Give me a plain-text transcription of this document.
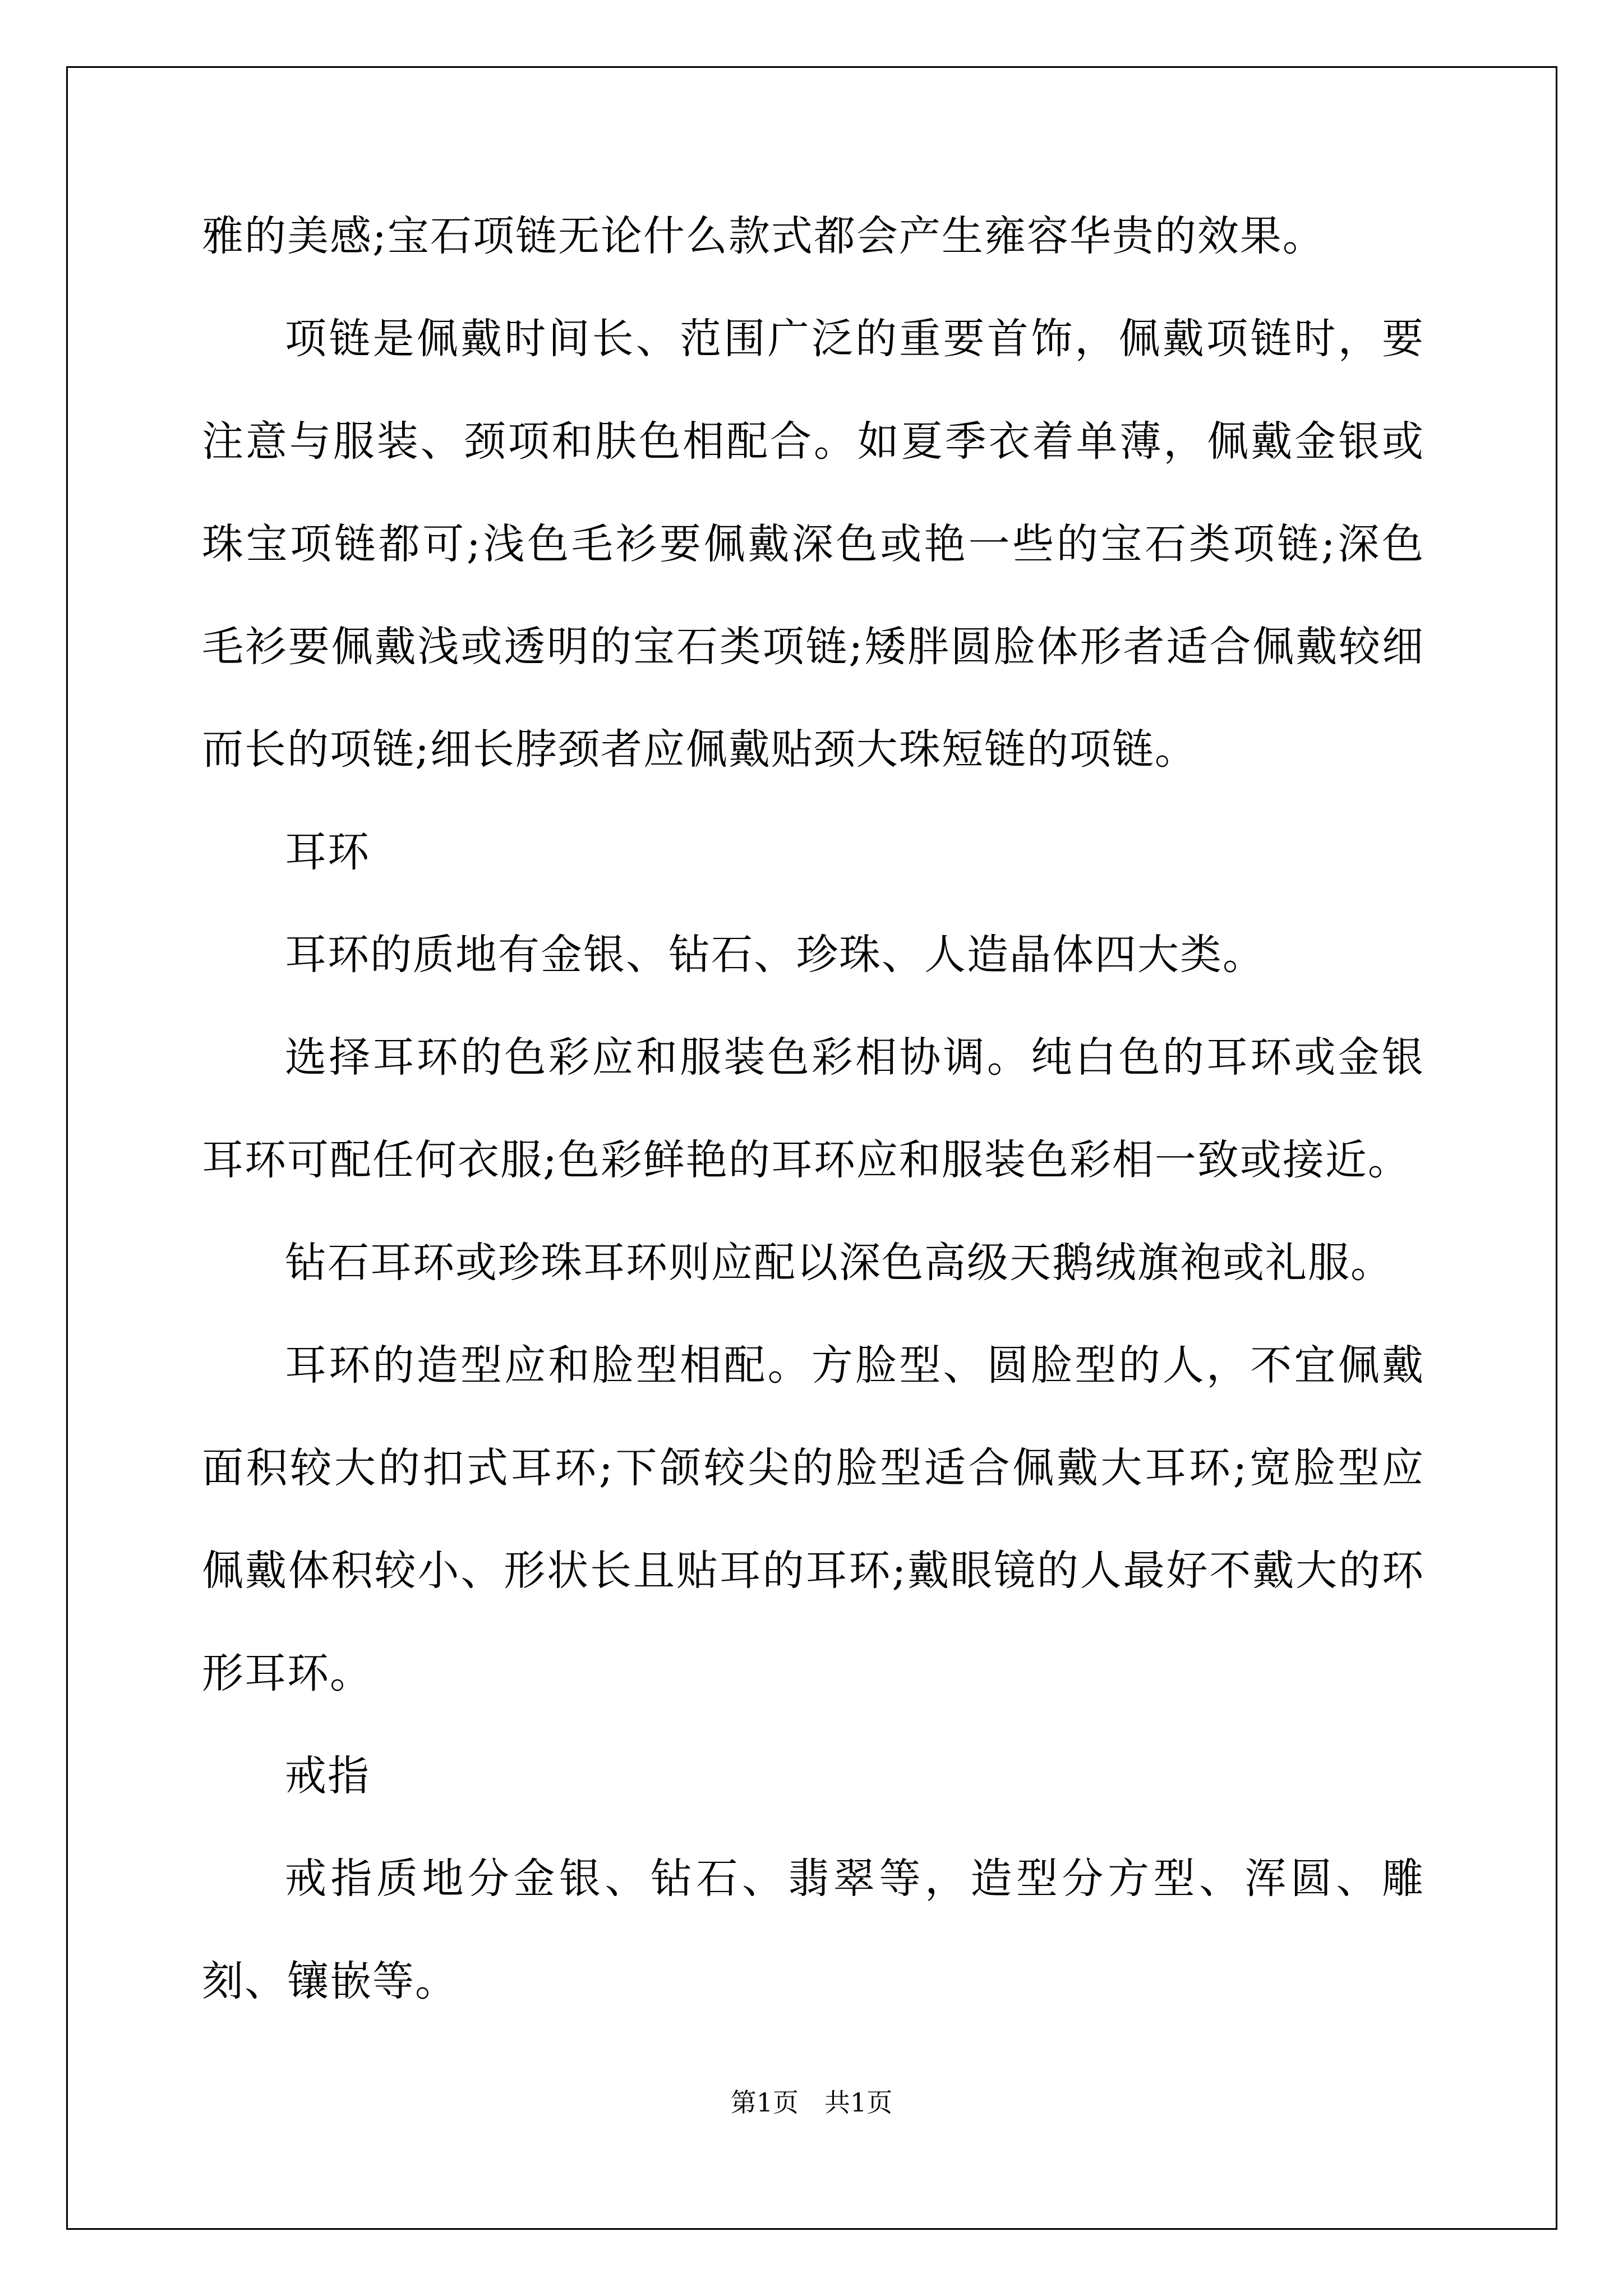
雅的美感;宝石项链无论什么款式都会产生雍容华贵的效果。

项链是佩戴时间长、范围广泛的重要首饰，佩戴项链时，要注意与服装、颈项和肤色相配合。如夏季衣着单薄，佩戴金银或珠宝项链都可;浅色毛衫要佩戴深色或艳一些的宝石类项链;深色毛衫要佩戴浅或透明的宝石类项链;矮胖圆脸体形者适合佩戴较细而长的项链;细长脖颈者应佩戴贴颈大珠短链的项链。

耳环

耳环的质地有金银、钻石、珍珠、人造晶体四大类。

选择耳环的色彩应和服装色彩相协调。纯白色的耳环或金银耳环可配任何衣服;色彩鲜艳的耳环应和服装色彩相一致或接近。

钻石耳环或珍珠耳环则应配以深色高级天鹅绒旗袍或礼服。

耳环的造型应和脸型相配。方脸型、圆脸型的人，不宜佩戴面积较大的扣式耳环;下颌较尖的脸型适合佩戴大耳环;宽脸型应佩戴体积较小、形状长且贴耳的耳环;戴眼镜的人最好不戴大的环形耳环。

戒指

戒指质地分金银、钻石、翡翠等，造型分方型、浑圆、雕刻、镶嵌等。

第1页　共1页
